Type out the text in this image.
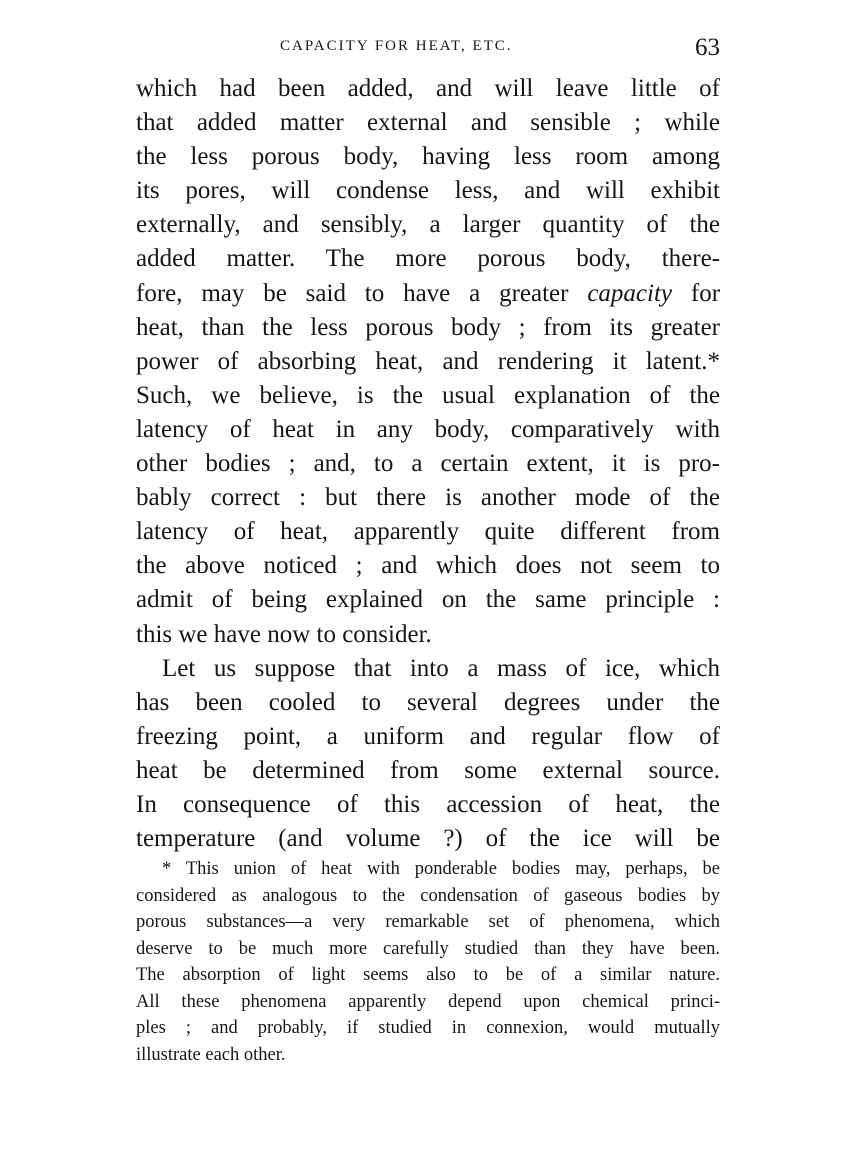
CAPACITY FOR HEAT, ETC.	63
which had been added, and will leave little of
that added matter external and sensible ; while
the less porous body, having less room among
its pores, will condense less, and will exhibit
externally, and sensibly, a larger quantity of the
added matter. The more porous body, there-
fore, may be said to have a greater capacity for
heat, than the less porous body ; from its greater
power of absorbing heat, and rendering it latent.*
Such, we believe, is the usual explanation of the
latency of heat in any body, comparatively with
other bodies ; and, to a certain extent, it is pro-
bably correct : but there is another mode of the
latency of heat, apparently quite different from
the above noticed ; and which does not seem to
admit of being explained on the same principle :
this we have now to consider.
Let us suppose that into a mass of ice, which
has been cooled to several degrees under the
freezing point, a uniform and regular flow of
heat be determined from some external source.
In consequence of this accession of heat, the
temperature (and volume ?) of the ice will be
* This union of heat with ponderable bodies may, perhaps, be
considered as analogous to the condensation of gaseous bodies by
porous substances—a very remarkable set of phenomena, which
deserve to be much more carefully studied than they have been.
The absorption of light seems also to be of a similar nature.
All these phenomena apparently depend upon chemical princi-
ples ; and probably, if studied in connexion, would mutually
illustrate each other.
